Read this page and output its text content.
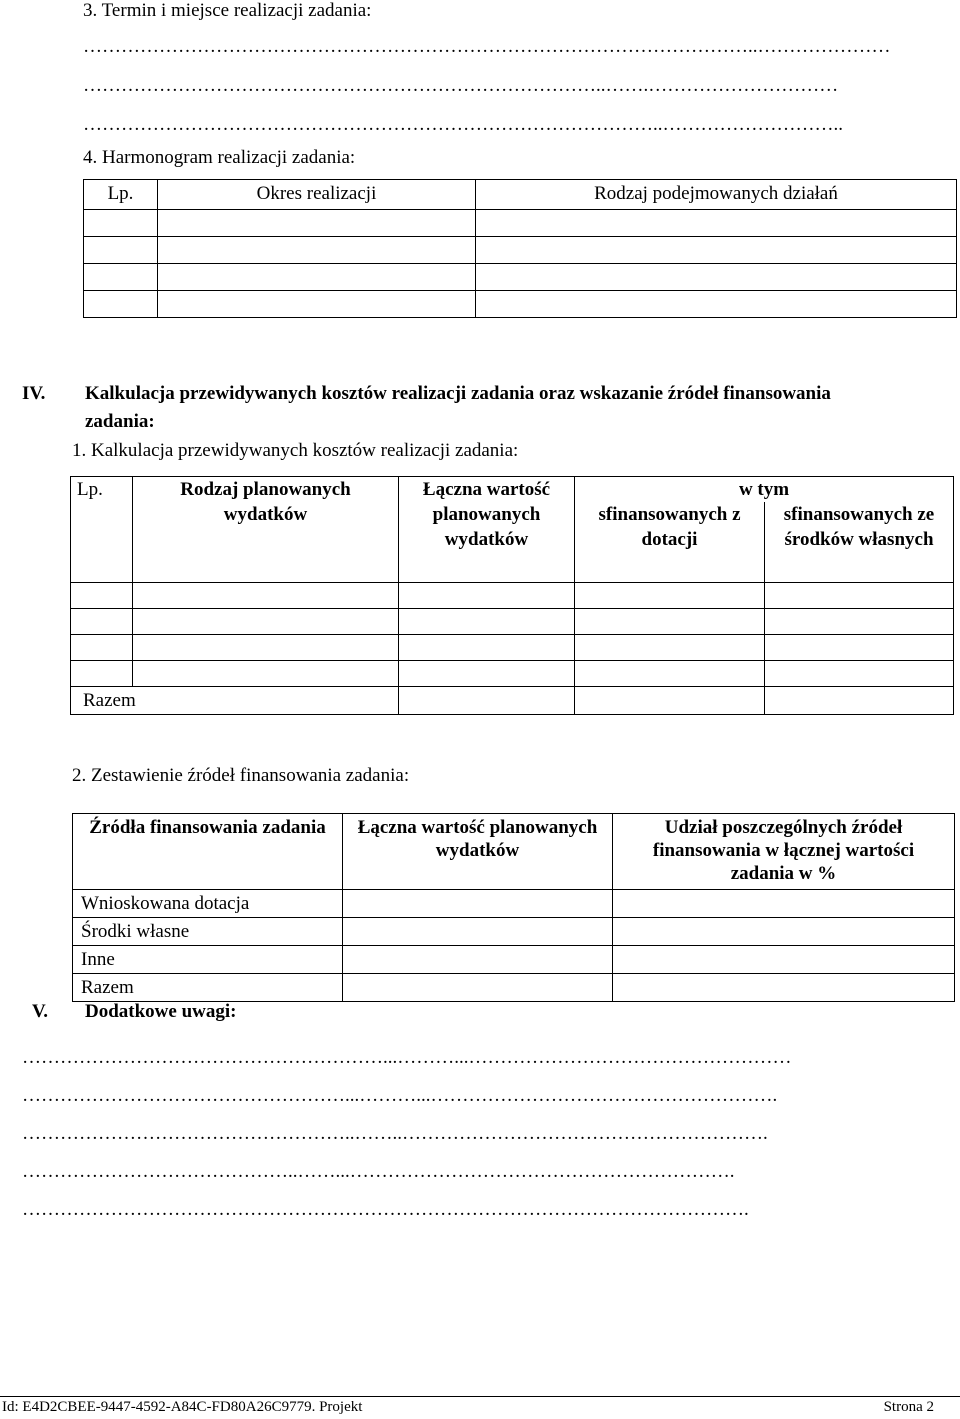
3. Termin i miejsce realizacji zadania:
……………………………………………………………………………………………..…………………
………………………………………………………………………..…….…………………………
………………………………………………………………………………..………………………..
4. Harmonogram realizacji zadania:
Lp.	Okres realizacji	Rodzaj podejmowanych działań

IV. Kalkulacja przewidywanych kosztów realizacji zadania oraz wskazanie źródeł finansowania
zadania:
1. Kalkulacja przewidywanych kosztów realizacji zadania:
Lp.	Rodzaj planowanych wydatków	Łączna wartość planowanych wydatków	w tym	
			sfinansowanych z dotacji	sfinansowanych ze środków własnych

Razem				
2. Zestawienie źródeł finansowania zadania:
Źródła finansowania zadania	Łączna wartość planowanych wydatków	Udział poszczególnych źródeł finansowania w łącznej wartości zadania w %
Wnioskowana dotacja		
Środki własne		
Inne		
Razem		
V. Dodatkowe uwagi:
…………………………………………………...………...……………………………………………
……………………………………………...………...……………………………………………….
……………………………………………..……..………………………………………………….
……………………………………..……...…………………………………………………….
…………………………………………………………………………………………………….
Id: E4D2CBEE-9447-4592-A84C-FD80A26C9779. Projekt	Strona 2
